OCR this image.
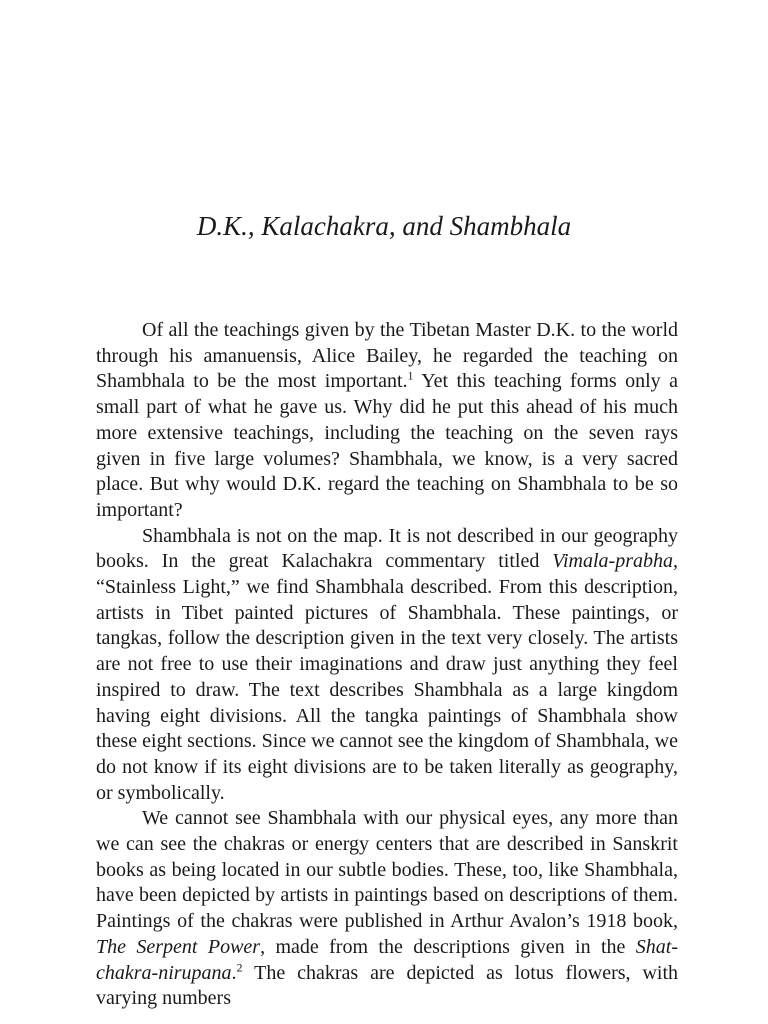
D.K., Kalachakra, and Shambhala

Of all the teachings given by the Tibetan Master D.K. to the world through his amanuensis, Alice Bailey, he regarded the teaching on Shambhala to be the most important.$^1$ Yet this teaching forms only a small part of what he gave us. Why did he put this ahead of his much more extensive teachings, including the teaching on the seven rays given in five large volumes? Shambhala, we know, is a very sacred place. But why would D.K. regard the teaching on Shambhala to be so important?

Shambhala is not on the map. It is not described in our geography books. In the great Kalachakra commentary titled Vimala-prabha, “Stainless Light,” we find Shambhala described. From this description, artists in Tibet painted pictures of Shambhala. These paintings, or tangkas, follow the description given in the text very closely. The artists are not free to use their imaginations and draw just anything they feel inspired to draw. The text describes Shambhala as a large kingdom having eight divisions. All the tangka paintings of Shambhala show these eight sections. Since we cannot see the kingdom of Shambhala, we do not know if its eight divisions are to be taken literally as geography, or symbolically.

We cannot see Shambhala with our physical eyes, any more than we can see the chakras or energy centers that are described in Sanskrit books as being located in our subtle bodies. These, too, like Shambhala, have been depicted by artists in paintings based on descriptions of them. Paintings of the chakras were published in Arthur Avalon’s 1918 book, The Serpent Power, made from the descriptions given in the Shat-chakra-nirupana.$^2$ The chakras are depicted as lotus flowers, with varying numbers
